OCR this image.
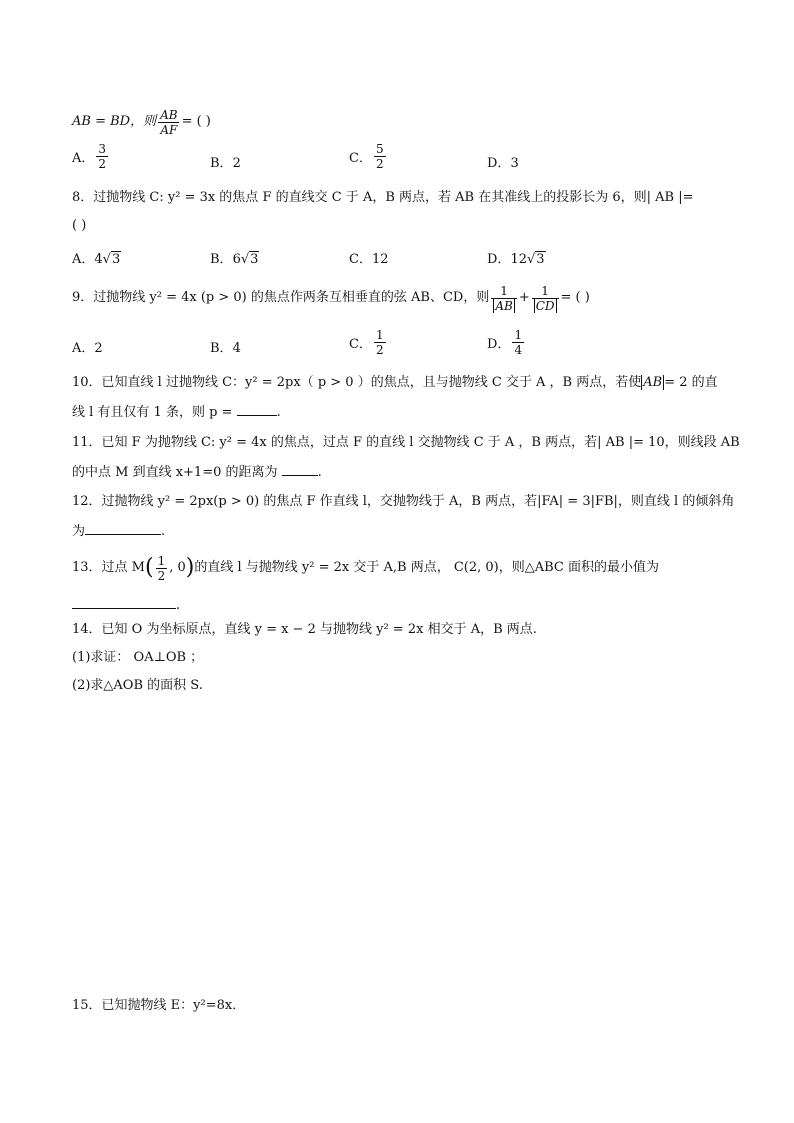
AB = BD，则 $\frac{AB}{AF}$ = ( )
A． $\frac{3}{2}$	B．2	C． $\frac{5}{2}$	D．3
8．过抛物线 C: y² = 3x 的焦点 F 的直线交 C 于 A，B 两点，若 AB 在其准线上的投影长为 6，则| AB |=
( )
A．4√3	B．6√3	C．12	D．12√3
9．过抛物线 y² = 4x (p > 0) 的焦点作两条互相垂直的弦 AB、CD，则 $\frac{1}{AB} + \frac{1}{CD}$ = ( )
A．2	B．4	C． $\frac{1}{2}$	D． $\frac{1}{4}$
10．已知直线 l 过抛物线 C：y² = 2px（ p > 0 ）的焦点，且与抛物线 C 交于 A ，B 两点，若使 AB = 2 的直
线 l 有且仅有 1 条，则 p =	.
11．已知 F 为抛物线 C: y² = 4x 的焦点，过点 F 的直线 l 交抛物线 C 于 A ，B 两点，若| AB |= 10，则线段 AB
的中点 M 到直线 x+1=0 的距离为	.
12．过抛物线 y² = 2px(p > 0) 的焦点 F 作直线 l，交抛物线于 A，B 两点，若|FA| = 3|FB|，则直线 l 的倾斜角
为	.
13．过点 M ( $\frac{1}{2}$ , 0 ) 的直线 l 与抛物线 y² = 2x 交于 A,B 两点， C(2, 0)，则△ABC 面积的最小值为
.
14．已知 O 为坐标原点，直线 y = x − 2 与抛物线 y² = 2x 相交于 A，B 两点.
(1)求证： OA⊥OB ；
(2)求△AOB 的面积 S.
15．已知抛物线 E：y²=8x．
